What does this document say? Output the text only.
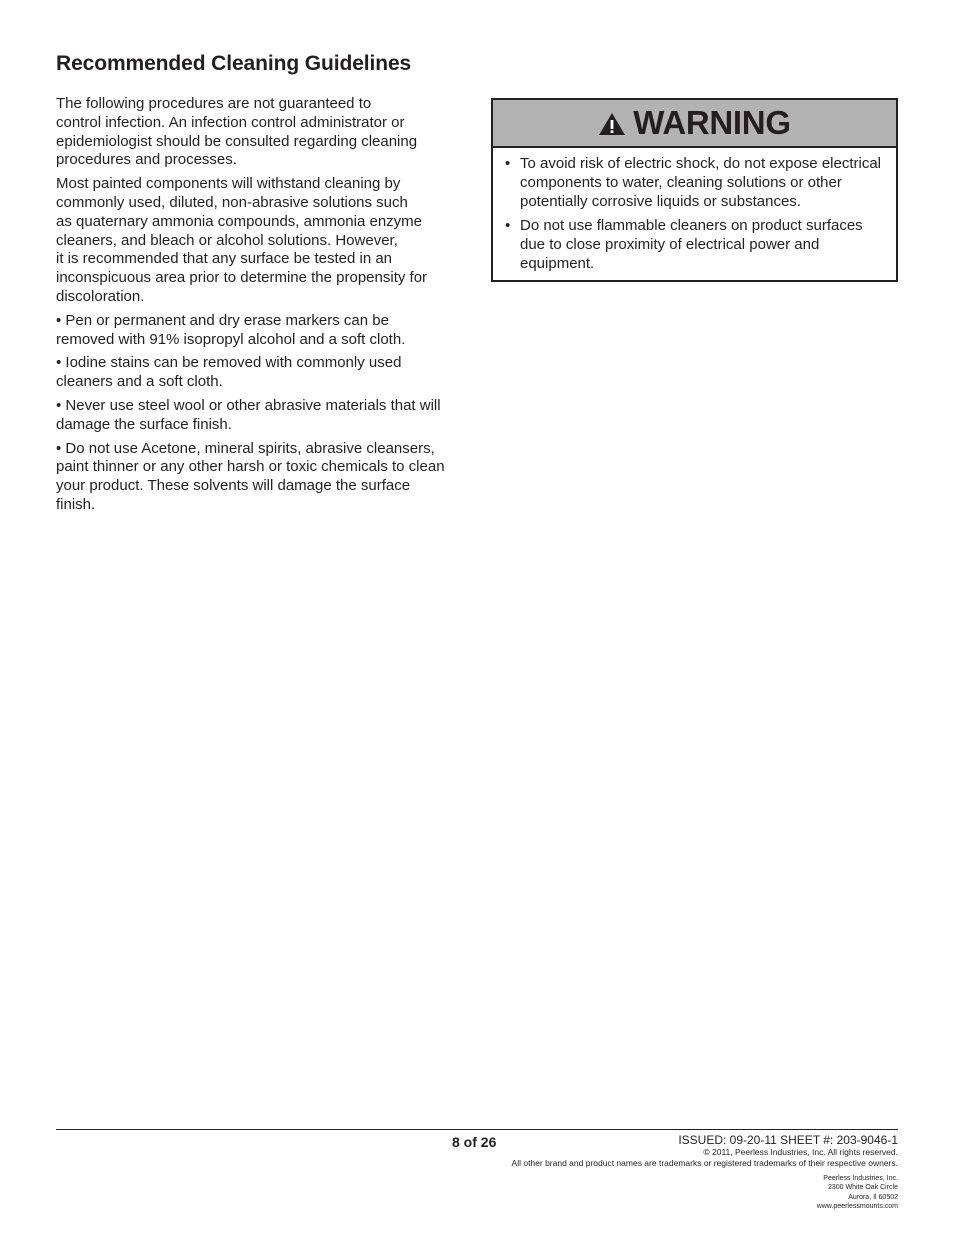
Recommended Cleaning Guidelines

The following procedures are not guaranteed to
control infection. An infection control administrator or
epidemiologist should be consulted regarding cleaning
procedures and processes.

Most painted components will withstand cleaning by
commonly used, diluted, non-abrasive solutions such
as quaternary ammonia compounds, ammonia enzyme
cleaners, and bleach or alcohol solutions. However,
it is recommended that any surface be tested in an
inconspicuous area prior to determine the propensity for
discoloration.

• Pen or permanent and dry erase markers can be
removed with 91% isopropyl alcohol and a soft cloth.

• Iodine stains can be removed with commonly used
cleaners and a soft cloth.

• Never use steel wool or other abrasive materials that will
damage the surface finish.

• Do not use Acetone, mineral spirits, abrasive cleansers,
paint thinner or any other harsh or toxic chemicals to clean
your product. These solvents will damage the surface
finish.

WARNING
• To avoid risk of electric shock, do not expose electrical components to water, cleaning solutions or other potentially corrosive liquids or substances.
• Do not use flammable cleaners on product surfaces due to close proximity of electrical power and equipment.
8 of 26	ISSUED: 09-20-11 SHEET #: 203-9046-1
© 2011, Peerless Industries, Inc. All rights reserved.
All other brand and product names are trademarks or registered trademarks of their respective owners.
Peerless Industries, Inc.
2300 White Oak Circle
Aurora, Il 60502
www.peerlessmounts.com
